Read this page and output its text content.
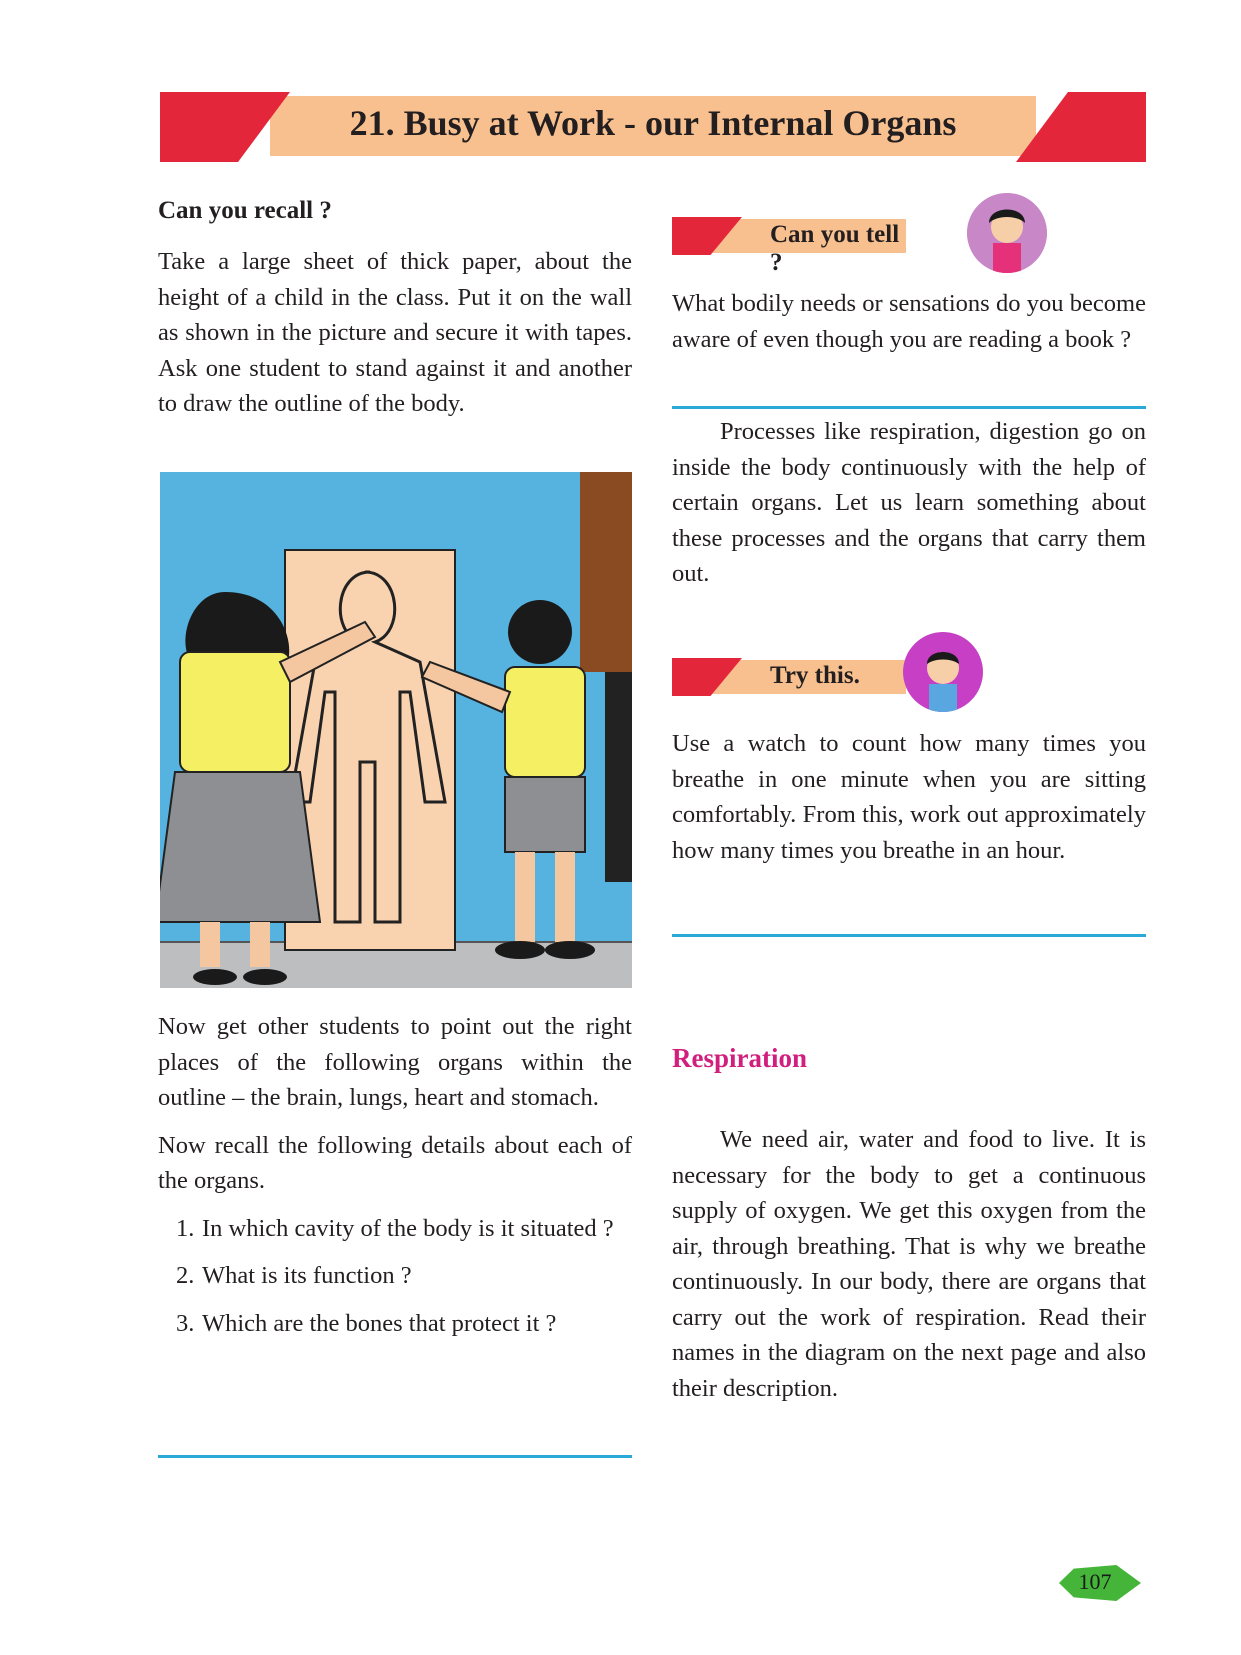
21. Busy at Work - our Internal Organs
Can you recall ?

Take a large sheet of thick paper, about the height of a child in the class. Put it on the wall as shown in the picture and secure it with tapes. Ask one student to stand against it and another to draw the outline of the body.

Now get other students to point out the right places of the following organs within the outline – the brain, lungs, heart and stomach.

Now recall the following details about each of the organs.

1. In which cavity of the body is it situated ?
2. What is its function ?
3. Which are the bones that protect it ?
Can you tell ?

What bodily needs or sensations do you become aware of even though you are reading a book ?

Processes like respiration, digestion go on inside the body continuously with the help of certain organs. Let us learn something about these processes and the organs that carry them out.

Try this.

Use a watch to count how many times you breathe in one minute when you are sitting comfortably. From this, work out approximately how many times you breathe in an hour.

Respiration

We need air, water and food to live. It is necessary for the body to get a continuous supply of oxygen. We get this oxygen from the air, through breathing. That is why we breathe continuously. In our body, there are organs that carry out the work of respiration. Read their names in the diagram on the next page and also their description.

107
